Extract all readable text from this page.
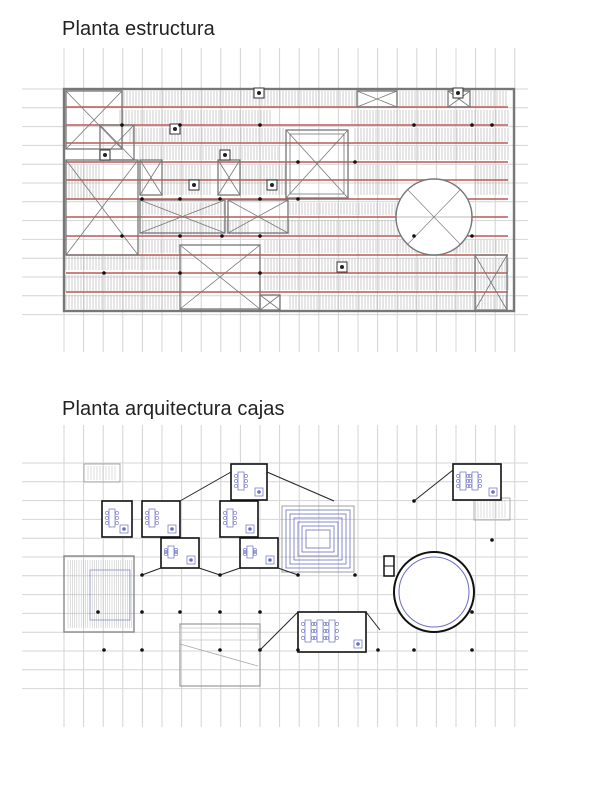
Planta estructura
Planta arquitectura cajas
